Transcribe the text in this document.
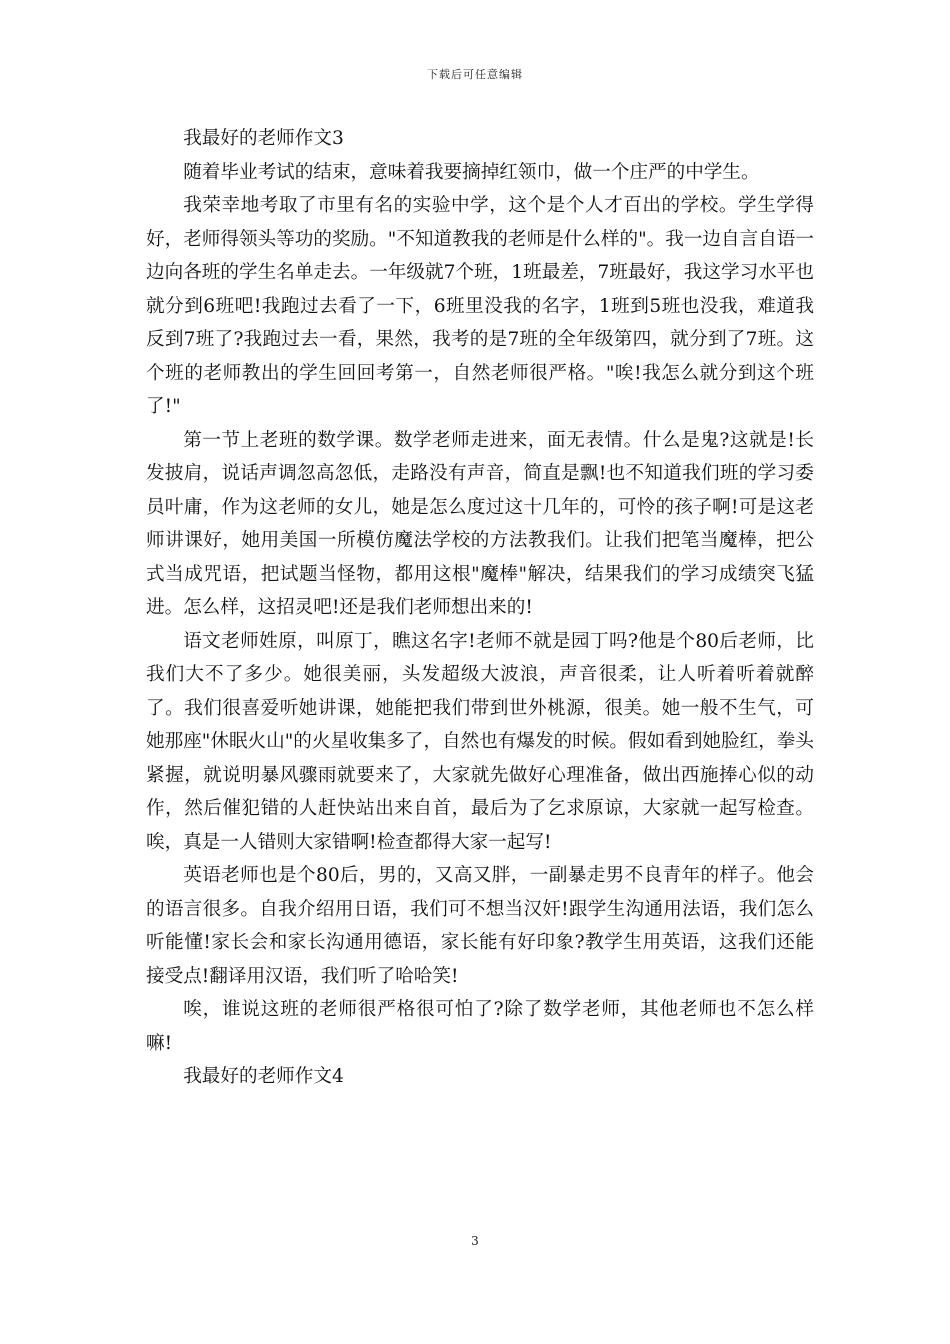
下载后可任意编辑

我最好的老师作文3

随着毕业考试的结束，意味着我要摘掉红领巾，做一个庄严的中学生。

我荣幸地考取了市里有名的实验中学，这个是个人才百出的学校。学生学得好，老师得领头等功的奖励。"不知道教我的老师是什么样的"。我一边自言自语一边向各班的学生名单走去。一年级就7个班，1班最差，7班最好，我这学习水平也就分到6班吧!我跑过去看了一下，6班里没我的名字，1班到5班也没我，难道我反到7班了?我跑过去一看，果然，我考的是7班的全年级第四，就分到了7班。这个班的老师教出的学生回回考第一，自然老师很严格。"唉!我怎么就分到这个班了!"

第一节上老班的数学课。数学老师走进来，面无表情。什么是鬼?这就是!长发披肩，说话声调忽高忽低，走路没有声音，简直是飘!也不知道我们班的学习委员叶庸，作为这老师的女儿，她是怎么度过这十几年的，可怜的孩子啊!可是这老师讲课好，她用美国一所模仿魔法学校的方法教我们。让我们把笔当魔棒，把公式当成咒语，把试题当怪物，都用这根"魔棒"解决，结果我们的学习成绩突飞猛进。怎么样，这招灵吧!还是我们老师想出来的!

语文老师姓原，叫原丁，瞧这名字!老师不就是园丁吗?他是个80后老师，比我们大不了多少。她很美丽，头发超级大波浪，声音很柔，让人听着听着就醉了。我们很喜爱听她讲课，她能把我们带到世外桃源，很美。她一般不生气，可她那座"休眠火山"的火星收集多了，自然也有爆发的时候。假如看到她脸红，拳头紧握，就说明暴风骤雨就要来了，大家就先做好心理准备，做出西施捧心似的动作，然后催犯错的人赶快站出来自首，最后为了乞求原谅，大家就一起写检查。唉，真是一人错则大家错啊!检查都得大家一起写!

英语老师也是个80后，男的，又高又胖，一副暴走男不良青年的样子。他会的语言很多。自我介绍用日语，我们可不想当汉奸!跟学生沟通用法语，我们怎么听能懂!家长会和家长沟通用德语，家长能有好印象?教学生用英语，这我们还能接受点!翻译用汉语，我们听了哈哈笑!

唉，谁说这班的老师很严格很可怕了?除了数学老师，其他老师也不怎么样嘛!

我最好的老师作文4

3
